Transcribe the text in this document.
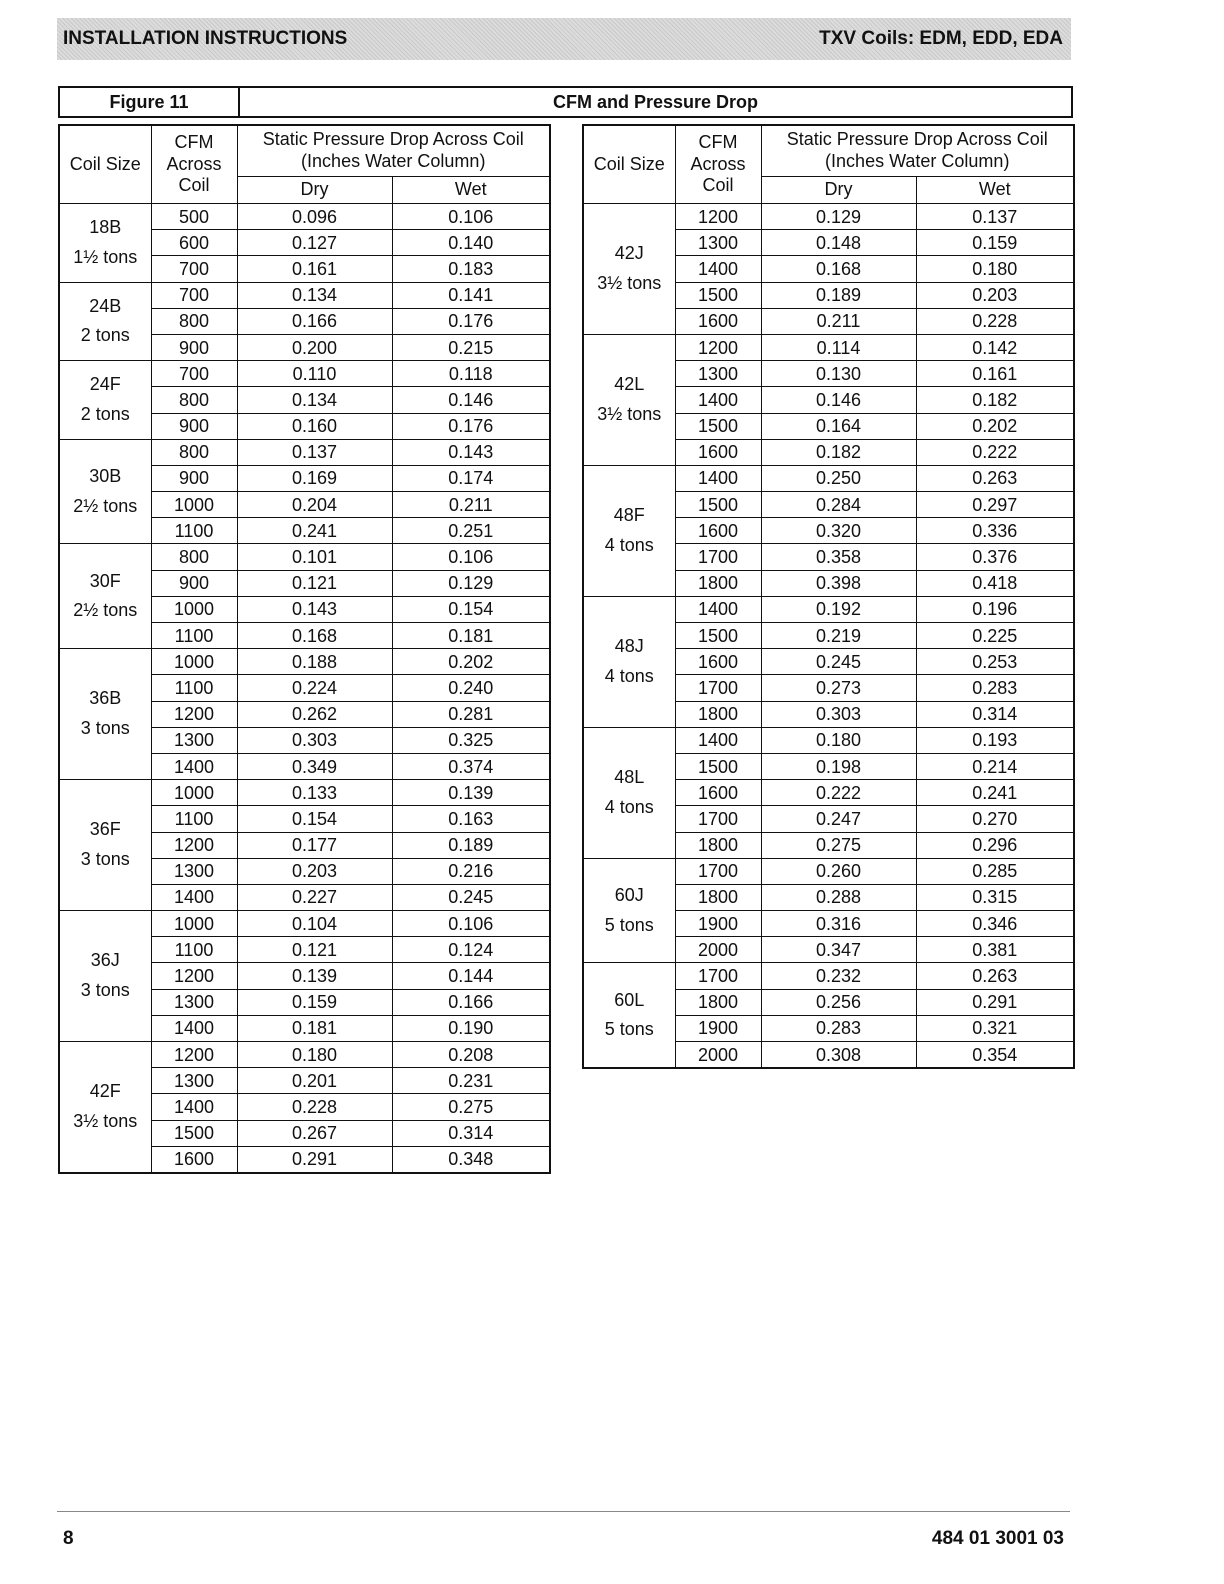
INSTALLATION INSTRUCTIONS	TXV Coils: EDM, EDD, EDA
Figure 11	CFM and Pressure Drop
Coil Size	CFM Across Coil	Static Pressure Drop Across Coil
(Inches Water Column)	
		Dry	Wet
18B
1½ tons	500	0.096	0.106
	600	0.127	0.140
	700	0.161	0.183
24B
2 tons	700	0.134	0.141
	800	0.166	0.176
	900	0.200	0.215
24F
2 tons	700	0.110	0.118
	800	0.134	0.146
	900	0.160	0.176
30B
2½ tons	800	0.137	0.143
	900	0.169	0.174
	1000	0.204	0.211
	1100	0.241	0.251
30F
2½ tons	800	0.101	0.106
	900	0.121	0.129
	1000	0.143	0.154
	1100	0.168	0.181
36B
3 tons	1000	0.188	0.202
	1100	0.224	0.240
	1200	0.262	0.281
	1300	0.303	0.325
	1400	0.349	0.374
36F
3 tons	1000	0.133	0.139
	1100	0.154	0.163
	1200	0.177	0.189
	1300	0.203	0.216
	1400	0.227	0.245
36J
3 tons	1000	0.104	0.106
	1100	0.121	0.124
	1200	0.139	0.144
	1300	0.159	0.166
	1400	0.181	0.190
42F
3½ tons	1200	0.180	0.208
	1300	0.201	0.231
	1400	0.228	0.275
	1500	0.267	0.314
	1600	0.291	0.348
Coil Size	CFM Across Coil	Static Pressure Drop Across Coil
(Inches Water Column)	
		Dry	Wet
42J
3½ tons	1200	0.129	0.137
	1300	0.148	0.159
	1400	0.168	0.180
	1500	0.189	0.203
	1600	0.211	0.228
42L
3½ tons	1200	0.114	0.142
	1300	0.130	0.161
	1400	0.146	0.182
	1500	0.164	0.202
	1600	0.182	0.222
48F
4 tons	1400	0.250	0.263
	1500	0.284	0.297
	1600	0.320	0.336
	1700	0.358	0.376
	1800	0.398	0.418
48J
4 tons	1400	0.192	0.196
	1500	0.219	0.225
	1600	0.245	0.253
	1700	0.273	0.283
	1800	0.303	0.314
48L
4 tons	1400	0.180	0.193
	1500	0.198	0.214
	1600	0.222	0.241
	1700	0.247	0.270
	1800	0.275	0.296
60J
5 tons	1700	0.260	0.285
	1800	0.288	0.315
	1900	0.316	0.346
	2000	0.347	0.381
60L
5 tons	1700	0.232	0.263
	1800	0.256	0.291
	1900	0.283	0.321
	2000	0.308	0.354
8	484 01 3001 03
